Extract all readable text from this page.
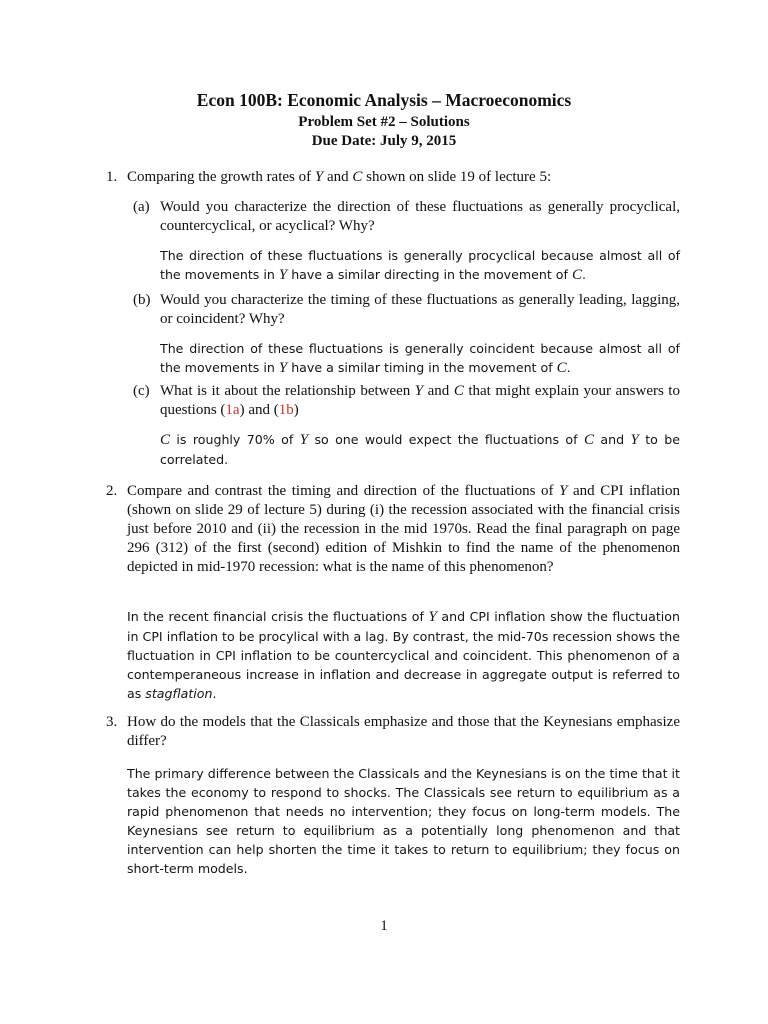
Econ 100B: Economic Analysis – Macroeconomics
Problem Set #2 – Solutions
Due Date: July 9, 2015
1. Comparing the growth rates of Y and C shown on slide 19 of lecture 5:
(a) Would you characterize the direction of these fluctuations as generally procyclical, countercyclical, or acyclical? Why?
The direction of these fluctuations is generally procyclical because almost all of the movements in Y have a similar directing in the movement of C.
(b) Would you characterize the timing of these fluctuations as generally leading, lagging, or coincident? Why?
The direction of these fluctuations is generally coincident because almost all of the movements in Y have a similar timing in the movement of C.
(c) What is it about the relationship between Y and C that might explain your answers to questions (1a) and (1b)
C is roughly 70% of Y so one would expect the fluctuations of C and Y to be correlated.
2. Compare and contrast the timing and direction of the fluctuations of Y and CPI inflation (shown on slide 29 of lecture 5) during (i) the recession associated with the financial crisis just before 2010 and (ii) the recession in the mid 1970s. Read the final paragraph on page 296 (312) of the first (second) edition of Mishkin to find the name of the phenomenon depicted in mid-1970 recession: what is the name of this phenomenon?
In the recent financial crisis the fluctuations of Y and CPI inflation show the fluctuation in CPI inflation to be procylical with a lag. By contrast, the mid-70s recession shows the fluctuation in CPI inflation to be countercyclical and coincident. This phenomenon of a contemperaneous increase in inflation and decrease in aggregate output is referred to as stagflation.
3. How do the models that the Classicals emphasize and those that the Keynesians emphasize differ?
The primary difference between the Classicals and the Keynesians is on the time that it takes the economy to respond to shocks. The Classicals see return to equilibrium as a rapid phenomenon that needs no intervention; they focus on long-term models. The Keynesians see return to equilibrium as a potentially long phenomenon and that intervention can help shorten the time it takes to return to equilibrium; they focus on short-term models.
1
